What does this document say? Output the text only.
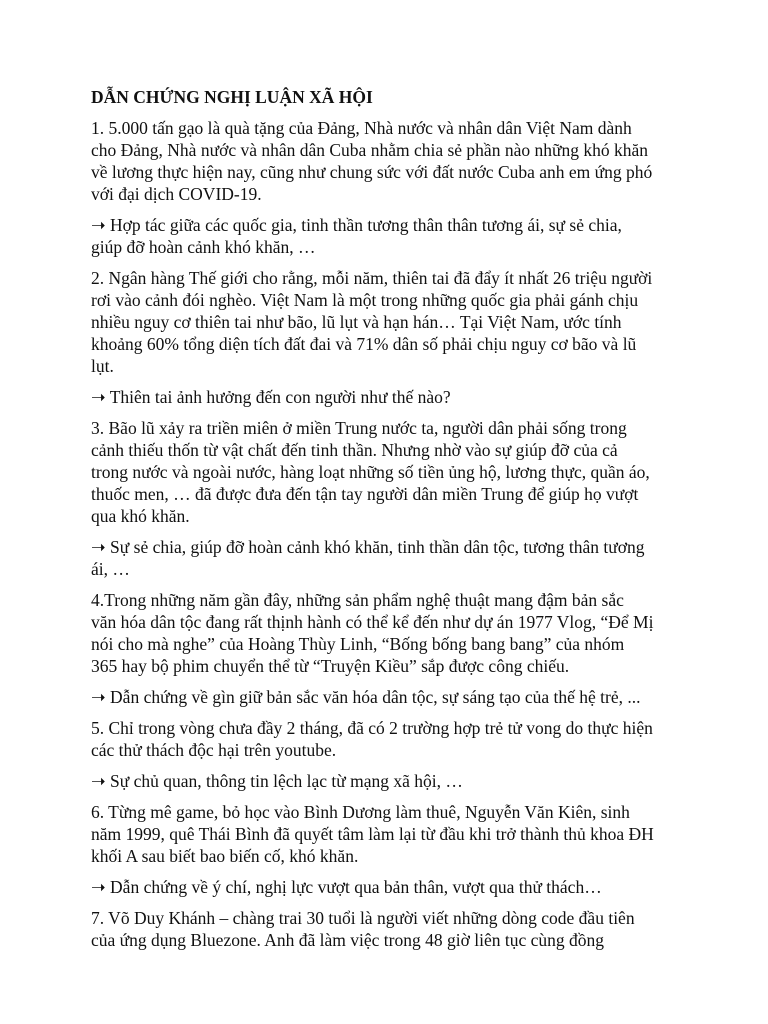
DẪN CHỨNG NGHỊ LUẬN XÃ HỘI
1. 5.000 tấn gạo là quà tặng của Đảng, Nhà nước và nhân dân Việt Nam dành
cho Đảng, Nhà nước và nhân dân Cuba nhằm chia sẻ phần nào những khó khăn
về lương thực hiện nay, cũng như chung sức với đất nước Cuba anh em ứng phó
với đại dịch COVID-19.
➝ Hợp tác giữa các quốc gia, tinh thần tương thân thân tương ái, sự sẻ chia,
giúp đỡ hoàn cảnh khó khăn, …
2. Ngân hàng Thế giới cho rằng, mỗi năm, thiên tai đã đẩy ít nhất 26 triệu người
rơi vào cảnh đói nghèo. Việt Nam là một trong những quốc gia phải gánh chịu
nhiều nguy cơ thiên tai như bão, lũ lụt và hạn hán… Tại Việt Nam, ước tính
khoảng 60% tổng diện tích đất đai và 71% dân số phải chịu nguy cơ bão và lũ
lụt.
➝ Thiên tai ảnh hưởng đến con người như thế nào?
3. Bão lũ xảy ra triền miên ở miền Trung nước ta, người dân phải sống trong
cảnh thiếu thốn từ vật chất đến tinh thần. Nhưng nhờ vào sự giúp đỡ của cả
trong nước và ngoài nước, hàng loạt những số tiền ủng hộ, lương thực, quần áo,
thuốc men, … đã được đưa đến tận tay người dân miền Trung để giúp họ vượt
qua khó khăn.
➝ Sự sẻ chia, giúp đỡ hoàn cảnh khó khăn, tinh thần dân tộc, tương thân tương
ái, …
4.Trong những năm gần đây, những sản phẩm nghệ thuật mang đậm bản sắc
văn hóa dân tộc đang rất thịnh hành có thể kể đến như dự án 1977 Vlog, “Để Mị
nói cho mà nghe” của Hoàng Thùy Linh, “Bống bống bang bang” của nhóm
365 hay bộ phim chuyển thể từ “Truyện Kiều” sắp được công chiếu.
➝ Dẫn chứng về gìn giữ bản sắc văn hóa dân tộc, sự sáng tạo của thế hệ trẻ, ...
5. Chỉ trong vòng chưa đầy 2 tháng, đã có 2 trường hợp trẻ tử vong do thực hiện
các thử thách độc hại trên youtube.
➝ Sự chủ quan, thông tin lệch lạc từ mạng xã hội, …
6. Từng mê game, bỏ học vào Bình Dương làm thuê, Nguyễn Văn Kiên, sinh
năm 1999, quê Thái Bình đã quyết tâm làm lại từ đầu khi trở thành thủ khoa ĐH
khối A sau biết bao biến cố, khó khăn.
➝ Dẫn chứng về ý chí, nghị lực vượt qua bản thân, vượt qua thử thách…
7. Võ Duy Khánh – chàng trai 30 tuổi là người viết những dòng code đầu tiên
của ứng dụng Bluezone. Anh đã làm việc trong 48 giờ liên tục cùng đồng
